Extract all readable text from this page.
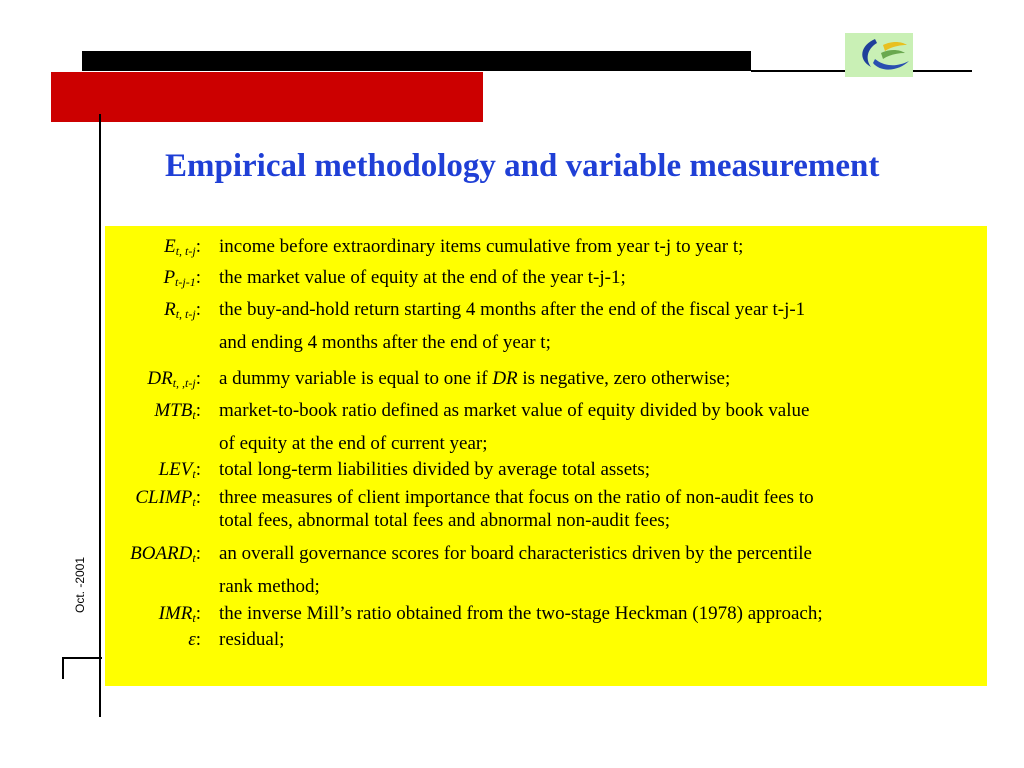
Oct. -2001
Empirical methodology and variable measurement
$E_{t, t-j}$: income before extraordinary items cumulative from year t-j to year t;
$P_{t-j-1}$: the market value of equity at the end of the year t-j-1;
$R_{t, t-j}$: the buy-and-hold return starting 4 months after the end of the fiscal year t-j-1
and ending 4 months after the end of year t;
$DR_{t, ,t-j}$: a dummy variable is equal to one if DR is negative, zero otherwise;
$MTB_t$: market-to-book ratio defined as market value of equity divided by book value
of equity at the end of current year;
$LEV_t$: total long-term liabilities divided by average total assets;
$CLIMP_t$: three measures of client importance that focus on the ratio of non-audit fees to
total fees, abnormal total fees and abnormal non-audit fees;
$BOARD_t$: an overall governance scores for board characteristics driven by the percentile
rank method;
$IMR_t$: the inverse Mill’s ratio obtained from the two-stage Heckman (1978) approach;
ε: residual;
